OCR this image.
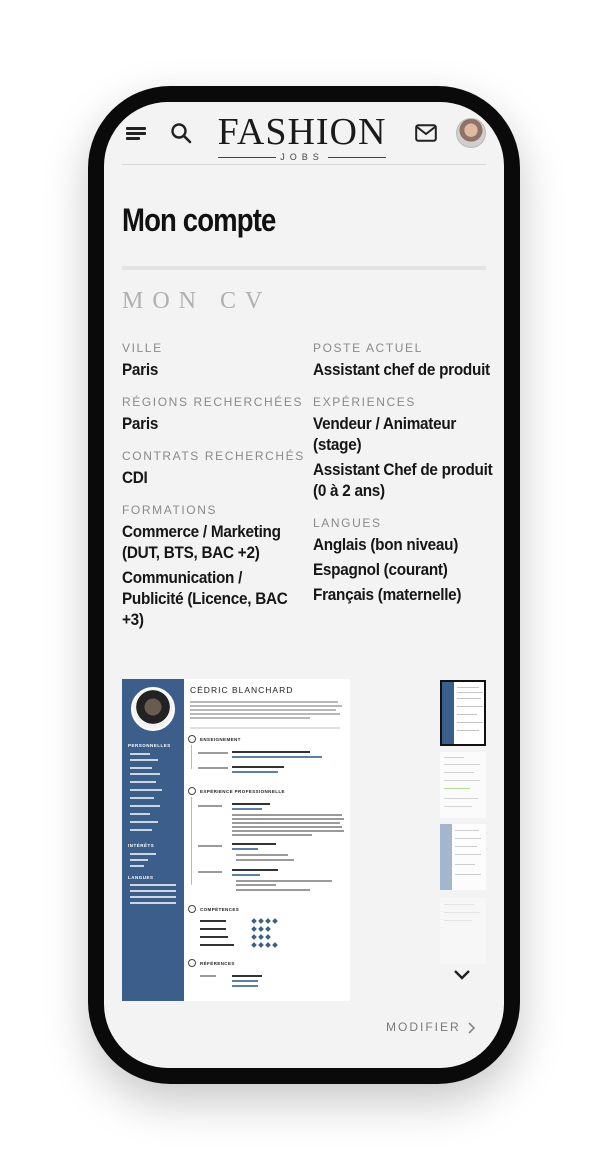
FASHION
JOBS
Mon compte
MON CV
VILLE
Paris
RÉGIONS RECHERCHÉES
Paris
CONTRATS RECHERCHÉS
CDI
FORMATIONS
Commerce / Marketing (DUT, BTS, BAC +2)
Communication / Publicité (Licence, BAC +3)
POSTE ACTUEL
Assistant chef de produit
EXPÉRIENCES
Vendeur / Animateur (stage)
Assistant Chef de produit (0 à 2 ans)
LANGUES
Anglais (bon niveau)
Espagnol (courant)
Français (maternelle)
PERSONNELLES
INTÉRÊTS
LANGUES
CÉDRIC BLANCHARD
ENSEIGNEMENT
EXPÉRIENCE PROFESSIONNELLE
COMPÉTENCES
RÉFÉRENCES
MODIFIER
